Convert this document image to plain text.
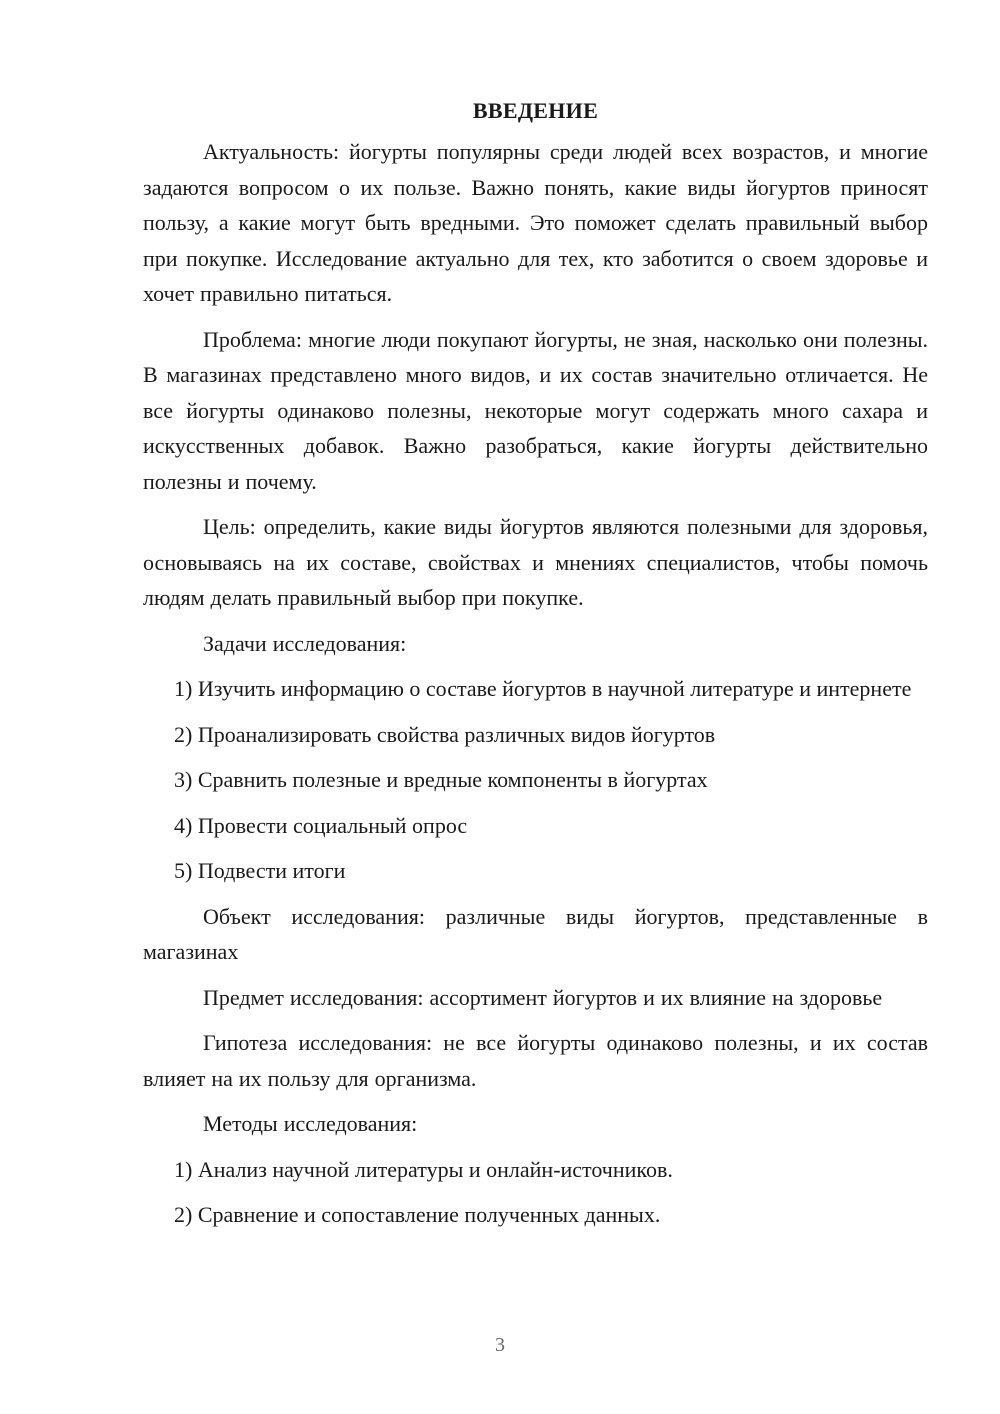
ВВЕДЕНИЕ

Актуальность: йогурты популярны среди людей всех возрастов, и многие задаются вопросом о их пользе. Важно понять, какие виды йогуртов приносят пользу, а какие могут быть вредными. Это поможет сделать правильный выбор при покупке. Исследование актуально для тех, кто заботится о своем здоровье и хочет правильно питаться.

Проблема: многие люди покупают йогурты, не зная, насколько они полезны. В магазинах представлено много видов, и их состав значительно отличается. Не все йогурты одинаково полезны, некоторые могут содержать много сахара и искусственных добавок. Важно разобраться, какие йогурты действительно полезны и почему.

Цель: определить, какие виды йогуртов являются полезными для здоровья, основываясь на их составе, свойствах и мнениях специалистов, чтобы помочь людям делать правильный выбор при покупке.

Задачи исследования:

1) Изучить информацию о составе йогуртов в научной литературе и интернете

2) Проанализировать свойства различных видов йогуртов

3) Сравнить полезные и вредные компоненты в йогуртах

4) Провести социальный опрос

5) Подвести итоги

Объект исследования: различные виды йогуртов, представленные в магазинах

Предмет исследования: ассортимент йогуртов и их влияние на здоровье

Гипотеза исследования: не все йогурты одинаково полезны, и их состав влияет на их пользу для организма.

Методы исследования:

1) Анализ научной литературы и онлайн-источников.

2) Сравнение и сопоставление полученных данных.

3
